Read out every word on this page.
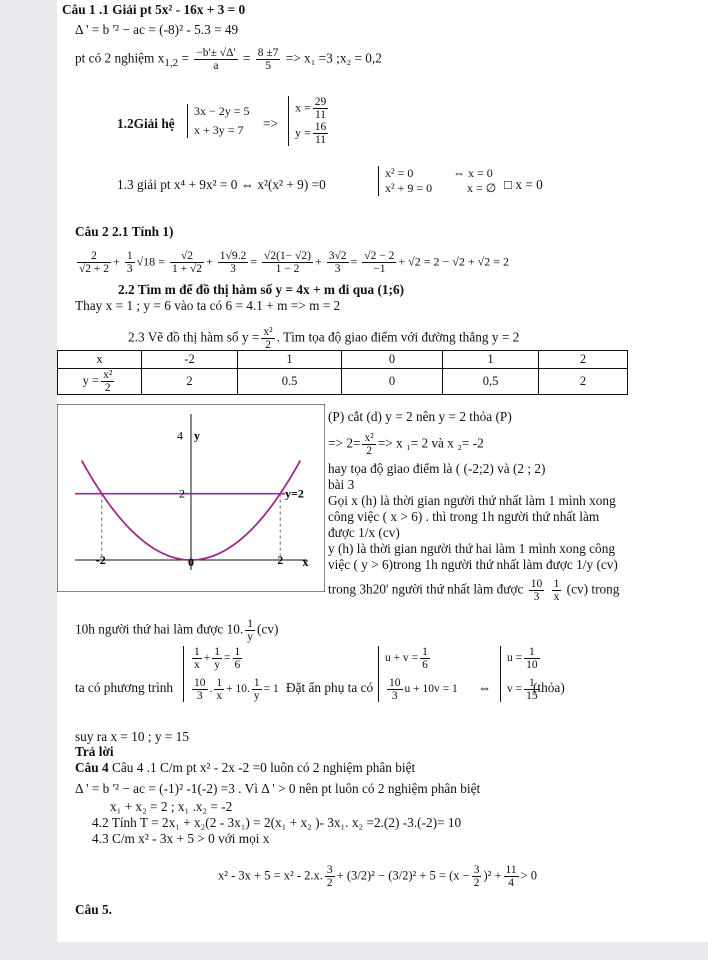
Câu 1 .1 Giải pt 5x² - 16x + 3 = 0
Δ ' = b '² − ac = (-8)² - 5.3 = 49
pt có 2 nghiệm $x_{1,2} = \frac{-b'\pm √\Delta'}{a} = \frac{8 \pm 7}{5} => x_1 =3$ ;x₂ = 0,2
1.2Giải hệ
3x − 2y = 5
x + 3y = 7	=>
$x = \frac{29}{11}$
$y = \frac{16}{11}$
1.3 giải pt x⁴ + 9x² = 0 ⇔ x²(x² + 9) =0
x² = 0
x² + 9 = 0
⇔ x = 0
x = ∅ □ x = 0
Câu 2 2.1 Tính 1)
$\frac{2}{√2 + 2} + \frac{1}{3} √18 = \frac{√2}{1 + √2} + \frac{1√9.2}{3} = \frac{√2(1- √2)}{1 - 2} + \frac{3√2}{3} = \frac{√2 - 2}{-1} + √2 = 2 - √2 + √2 = 2$
2.2 Tìm m để đồ thị hàm số y = 4x + m đi qua (1;6)
Thay x = 1 ; y = 6 vào ta có 6 = 4.1 + m => m = 2
2.3 Vẽ đồ thị hàm số $y = \frac{\text{x²}}{2}$ . Tìm tọa độ giao điểm với đường thẳng y = 2
x	-2	1	0	1	2
$y = \frac{\text{x²}}{2}$	2	0.5	0	0,5	2
4 y
2
x
-2	0	2
y=2
(P) cắt (d) y = 2 nên y = 2 thỏa (P)
=> $2= \frac{\text{x²}}{2} => x$ ₁= 2 và x ₂= -2
hay tọa độ giao điểm là ( (-2;2) và (2 ; 2)
bài 3
Gọi x (h) là thời gian người thứ nhất làm 1 mình xong
công việc ( x > 6) . thì trong 1h người thứ nhất làm
được 1/x (cv)
y (h) là thời gian người thứ hai làm 1 mình xong công
việc ( y > 6)trong 1h người thứ nhất làm được 1/y (cv)
trong 3h20' người thứ nhất làm được $\frac{10}{3}$
$\frac{1}{x} (cv)$ trong
10h người thứ hai làm được 10. $\frac{1}{y} (cv)$
ta có phương trình
$\frac{1}{x} + \frac{1}{y} = \frac{1}{6}$
$\frac{10}{3}$ . $\frac{1}{x} + 10$. $\frac{1}{y} = 1$ Đặt ẩn phụ ta có
$u + v = \frac{1}{6}$
$\frac{10}{3}$ u + 10v = 1 ⇔
$u = \frac{1}{10}$
$v = \frac{1}{15}$
(thỏa)
suy ra x = 10 ; y = 15
Trả lời
Câu 4 Câu 4 .1 C/m pt x² - 2x -2 =0 luôn có 2 nghiệm phân biệt
Δ ' = b '² − ac = (-1)² -1(-2) =3 . Vì Δ ' > 0 nên pt luôn có 2 nghiệm phân biệt
x₁ + x₂ = 2 ; x₁ .x₂ = -2
4.2 Tính T = 2x₁ + x₂(2 - 3x₁) = 2(x₁ + x₂ )- 3x₁. x₂ =2.(2) -3.(-2)= 10
4.3 C/m x² - 3x + 5 > 0 với mọi x
x² - 3x + 5 = x² - 2.x. $\frac{3}{2} + (3/2)^2 - (3/2)^2 + 5 = (x - \frac{3}{2} )^2 + \frac{11}{4} > 0$
Câu 5.
